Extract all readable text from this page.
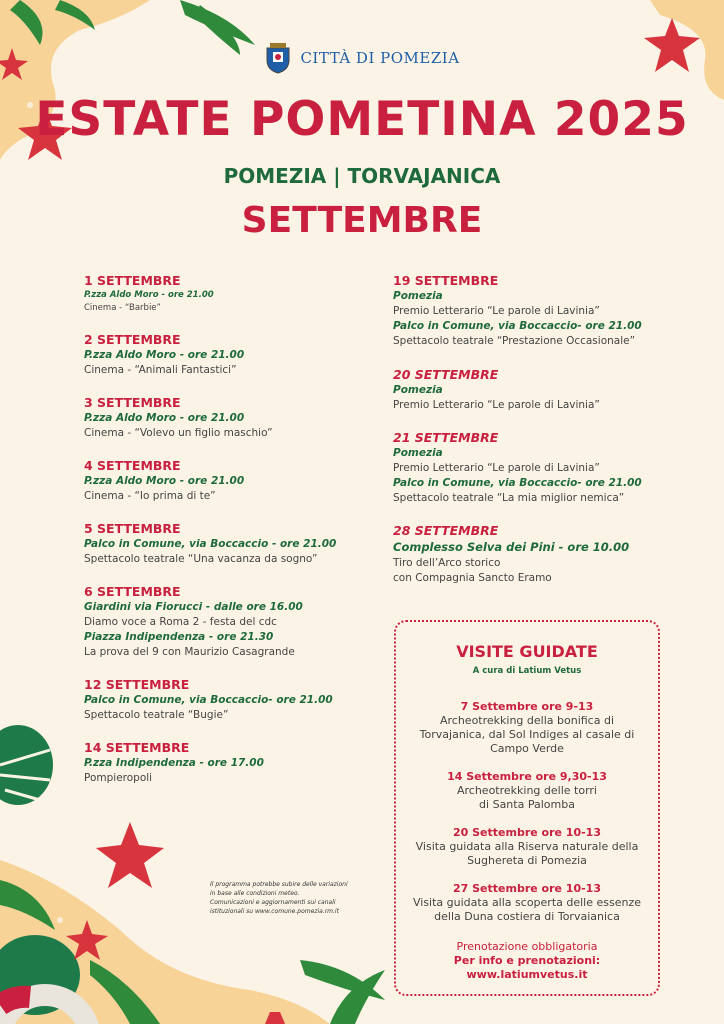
CITTÀ DI POMEZIA
ESTATE POMETINA 2025
POMEZIA | TORVAJANICA
SETTEMBRE
1 SETTEMBRE
P.zza Aldo Moro - ore 21.00
Cinema - “Barbie”
2 SETTEMBRE
P.zza Aldo Moro - ore 21.00
Cinema - “Animali Fantastici”
3 SETTEMBRE
P.zza Aldo Moro - ore 21.00
Cinema - “Volevo un figlio maschio”
4 SETTEMBRE
P.zza Aldo Moro - ore 21.00
Cinema - “Io prima di te”
5 SETTEMBRE
Palco in Comune, via Boccaccio - ore 21.00
Spettacolo teatrale “Una vacanza da sogno”
6 SETTEMBRE
Giardini via Fiorucci - dalle ore 16.00
Diamo voce a Roma 2 - festa del cdc
Piazza Indipendenza - ore 21.30
La prova del 9 con Maurizio Casagrande
12 SETTEMBRE
Palco in Comune, via Boccaccio- ore 21.00
Spettacolo teatrale “Bugie”
14 SETTEMBRE
P.zza Indipendenza - ore 17.00
Pompieropoli
19 SETTEMBRE
Pomezia
Premio Letterario “Le parole di Lavinia”
Palco in Comune, via Boccaccio- ore 21.00
Spettacolo teatrale “Prestazione Occasionale”
20 SETTEMBRE
Pomezia
Premio Letterario “Le parole di Lavinia”
21 SETTEMBRE
Pomezia
Premio Letterario “Le parole di Lavinia”
Palco in Comune, via Boccaccio- ore 21.00
Spettacolo teatrale “La mia miglior nemica”
28 SETTEMBRE
Complesso Selva dei Pini - ore 10.00
Tiro dell’Arco storico
con Compagnia Sancto Eramo
Il programma potrebbe subire delle variazioni
in base alle condizioni meteo.
Comunicazioni e aggiornamenti sui canali
istituzionali su www.comune.pomezia.rm.it
VISITE GUIDATE
A cura di Latium Vetus
7 Settembre ore 9-13
Archeotrekking della bonifica di
Torvajanica, dal Sol Indiges al casale di
Campo Verde
14 Settembre ore 9,30-13
Archeotrekking delle torri
di Santa Palomba
20 Settembre ore 10-13
Visita guidata alla Riserva naturale della
Sughereta di Pomezia
27 Settembre ore 10-13
Visita guidata alla scoperta delle essenze
della Duna costiera di Torvaianica
Prenotazione obbligatoria
Per info e prenotazioni:
www.latiumvetus.it
